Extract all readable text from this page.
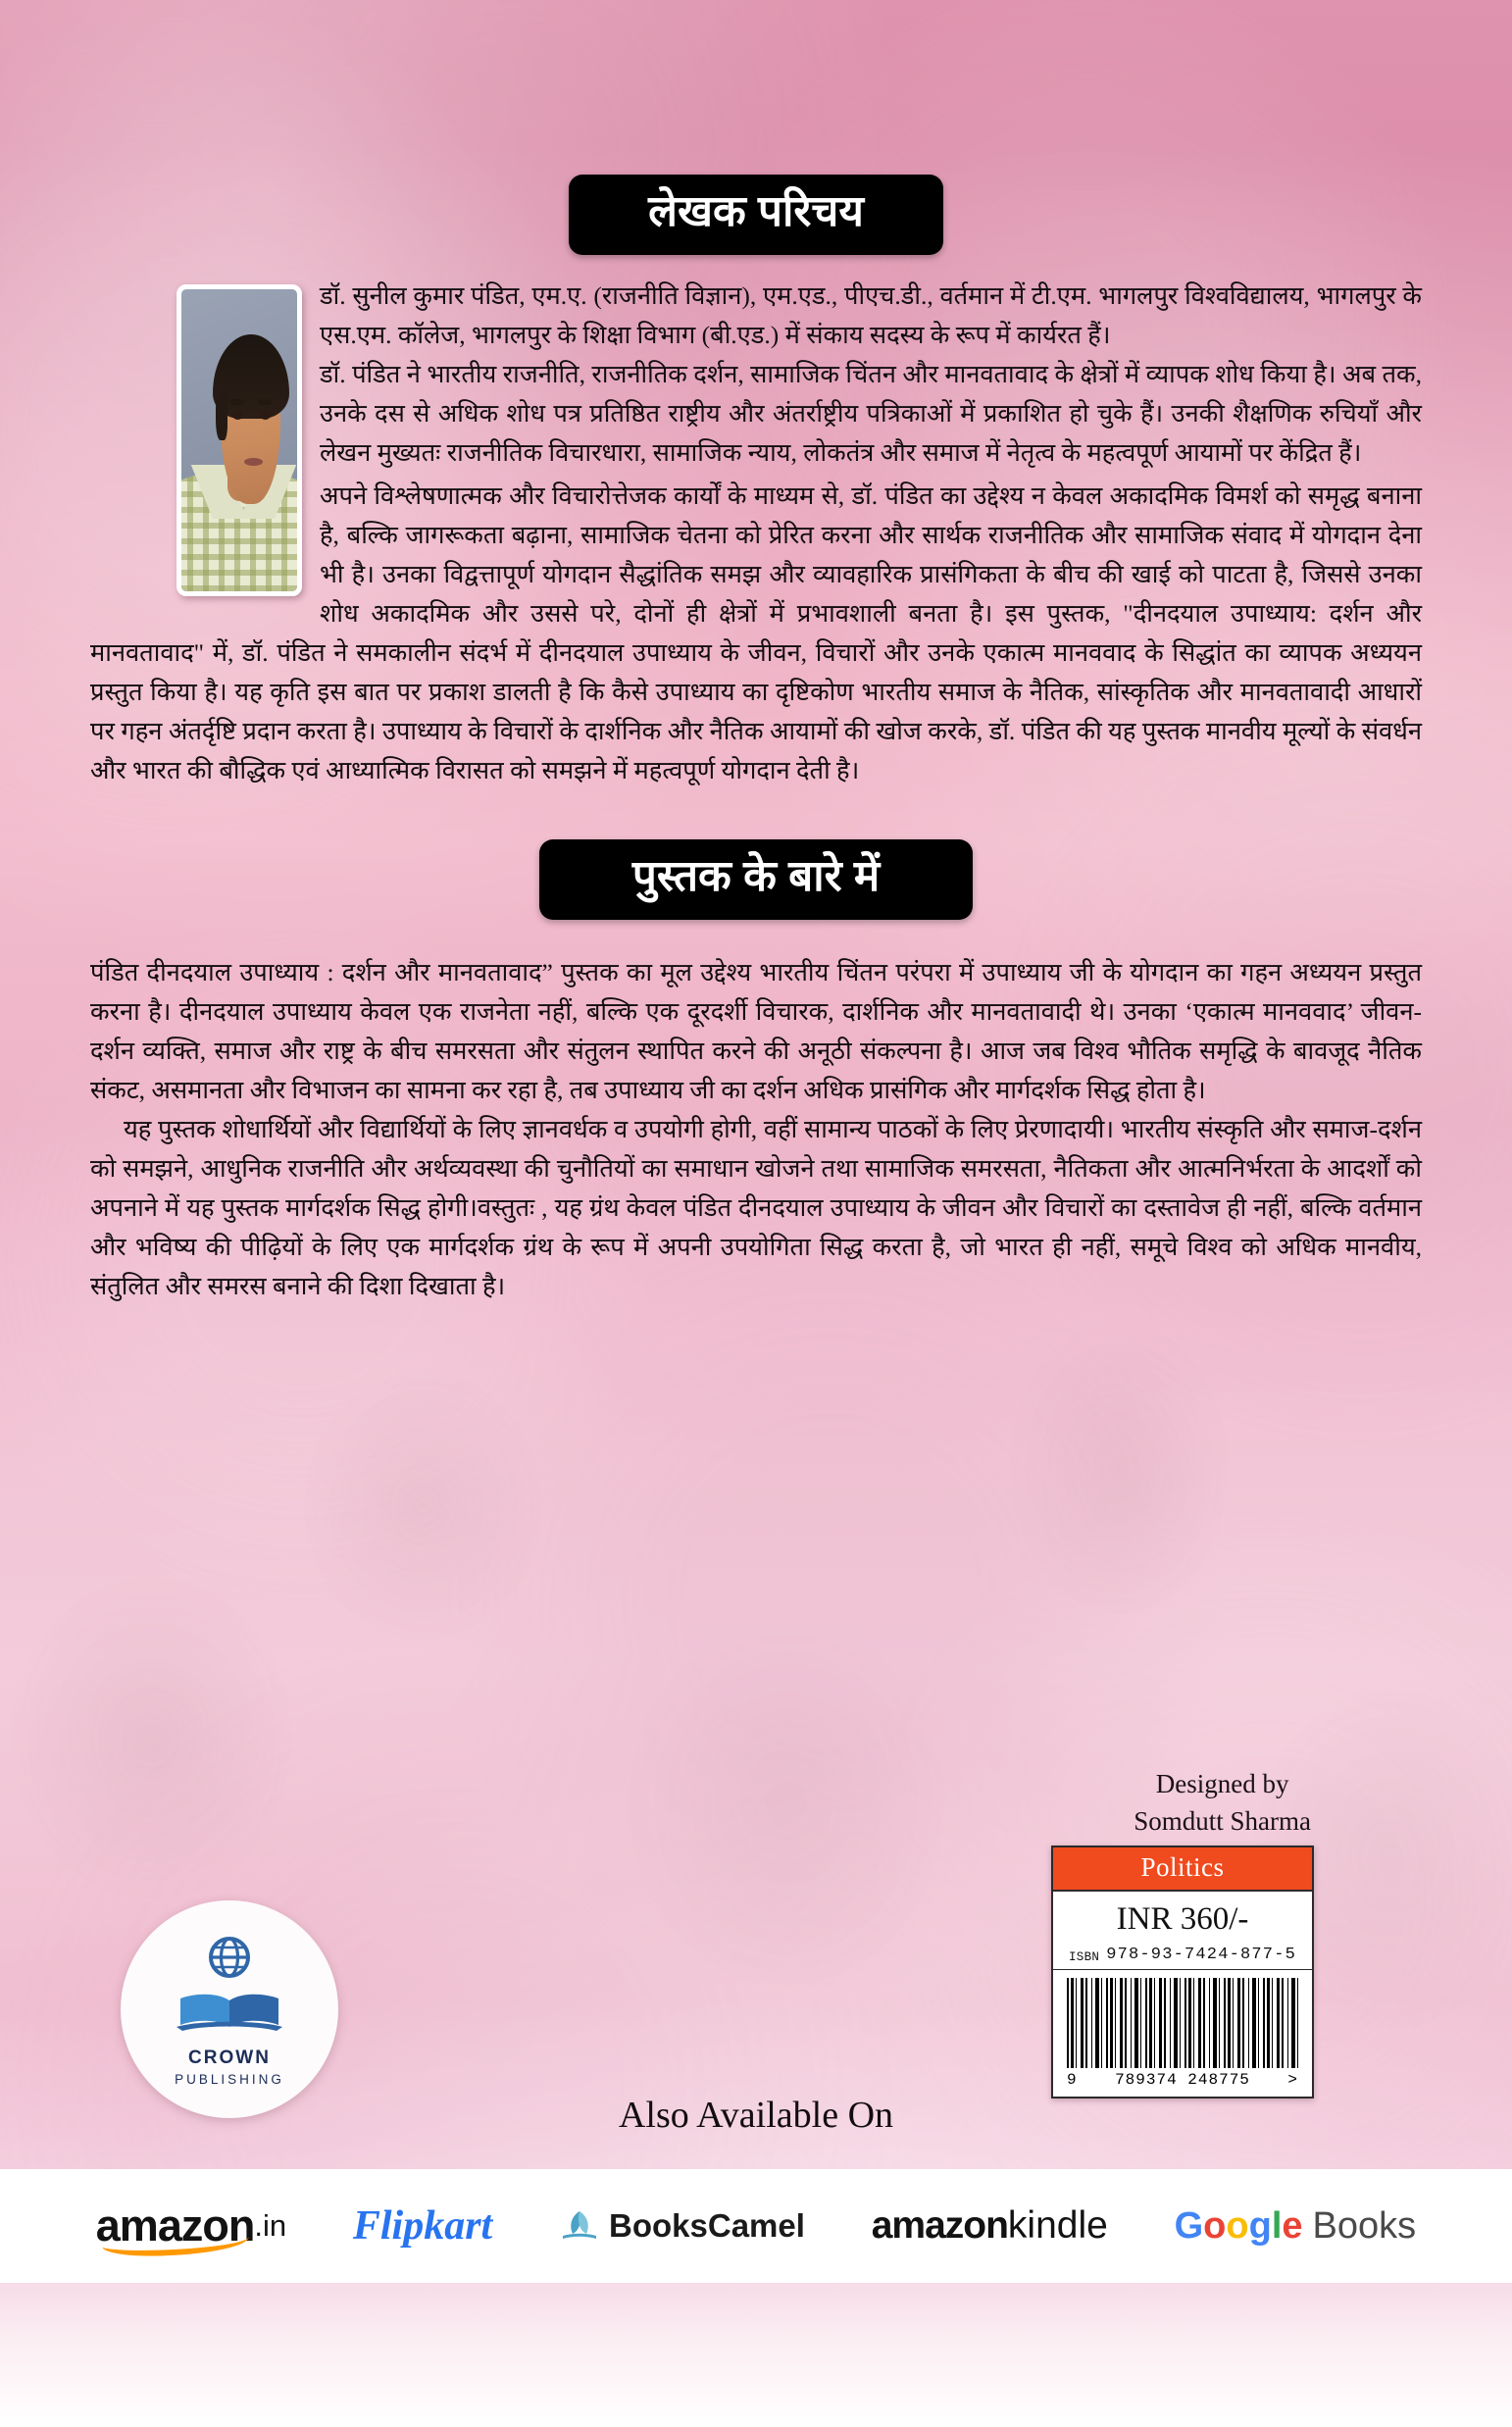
लेखक परिचय

डॉ. सुनील कुमार पंडित, एम.ए. (राजनीति विज्ञान), एम.एड., पीएच.डी., वर्तमान में टी.एम. भागलपुर विश्वविद्यालय, भागलपुर के एस.एम. कॉलेज, भागलपुर के शिक्षा विभाग (बी.एड.) में संकाय सदस्य के रूप में कार्यरत हैं।

डॉ. पंडित ने भारतीय राजनीति, राजनीतिक दर्शन, सामाजिक चिंतन और मानवतावाद के क्षेत्रों में व्यापक शोध किया है। अब तक, उनके दस से अधिक शोध पत्र प्रतिष्ठित राष्ट्रीय और अंतर्राष्ट्रीय पत्रिकाओं में प्रकाशित हो चुके हैं। उनकी शैक्षणिक रुचियाँ और लेखन मुख्यतः राजनीतिक विचारधारा, सामाजिक न्याय, लोकतंत्र और समाज में नेतृत्व के महत्वपूर्ण आयामों पर केंद्रित हैं।

अपने विश्लेषणात्मक और विचारोत्तेजक कार्यों के माध्यम से, डॉ. पंडित का उद्देश्य न केवल अकादमिक विमर्श को समृद्ध बनाना है, बल्कि जागरूकता बढ़ाना, सामाजिक चेतना को प्रेरित करना और सार्थक राजनीतिक और सामाजिक संवाद में योगदान देना भी है। उनका विद्वत्तापूर्ण योगदान सैद्धांतिक समझ और व्यावहारिक प्रासंगिकता के बीच की खाई को पाटता है, जिससे उनका शोध अकादमिक और उससे परे, दोनों ही क्षेत्रों में प्रभावशाली बनता है। इस पुस्तक, "दीनदयाल उपाध्याय: दर्शन और मानवतावाद" में, डॉ. पंडित ने समकालीन संदर्भ में दीनदयाल उपाध्याय के जीवन, विचारों और उनके एकात्म मानववाद के सिद्धांत का व्यापक अध्ययन प्रस्तुत किया है। यह कृति इस बात पर प्रकाश डालती है कि कैसे उपाध्याय का दृष्टिकोण भारतीय समाज के नैतिक, सांस्कृतिक और मानवतावादी आधारों पर गहन अंतर्दृष्टि प्रदान करता है। उपाध्याय के विचारों के दार्शनिक और नैतिक आयामों की खोज करके, डॉ. पंडित की यह पुस्तक मानवीय मूल्यों के संवर्धन और भारत की बौद्धिक एवं आध्यात्मिक विरासत को समझने में महत्वपूर्ण योगदान देती है।

पुस्तक के बारे में

पंडित दीनदयाल उपाध्याय : दर्शन और मानवतावाद” पुस्तक का मूल उद्देश्य भारतीय चिंतन परंपरा में उपाध्याय जी के योगदान का गहन अध्ययन प्रस्तुत करना है। दीनदयाल उपाध्याय केवल एक राजनेता नहीं, बल्कि एक दूरदर्शी विचारक, दार्शनिक और मानवतावादी थे। उनका ‘एकात्म मानववाद’ जीवन-दर्शन व्यक्ति, समाज और राष्ट्र के बीच समरसता और संतुलन स्थापित करने की अनूठी संकल्पना है। आज जब विश्व भौतिक समृद्धि के बावजूद नैतिक संकट, असमानता और विभाजन का सामना कर रहा है, तब उपाध्याय जी का दर्शन अधिक प्रासंगिक और मार्गदर्शक सिद्ध होता है।

यह पुस्तक शोधार्थियों और विद्यार्थियों के लिए ज्ञानवर्धक व उपयोगी होगी, वहीं सामान्य पाठकों के लिए प्रेरणादायी। भारतीय संस्कृति और समाज-दर्शन को समझने, आधुनिक राजनीति और अर्थव्यवस्था की चुनौतियों का समाधान खोजने तथा सामाजिक समरसता, नैतिकता और आत्मनिर्भरता के आदर्शों को अपनाने में यह पुस्तक मार्गदर्शक सिद्ध होगी।वस्तुतः , यह ग्रंथ केवल पंडित दीनदयाल उपाध्याय के जीवन और विचारों का दस्तावेज ही नहीं, बल्कि वर्तमान और भविष्य की पीढ़ियों के लिए एक मार्गदर्शक ग्रंथ के रूप में अपनी उपयोगिता सिद्ध करता है, जो भारत ही नहीं, समूचे विश्व को अधिक मानवीय, संतुलित और समरस बनाने की दिशा दिखाता है।

Designed by
Somdutt Sharma
Politics
INR 360/-
ISBN 978-93-7424-877-5
9 789374 248775 >
CROWN
PUBLISHING
Also Available On
amazon .in Flipkart	BooksCamel amazon kindle G o o g l e Books
